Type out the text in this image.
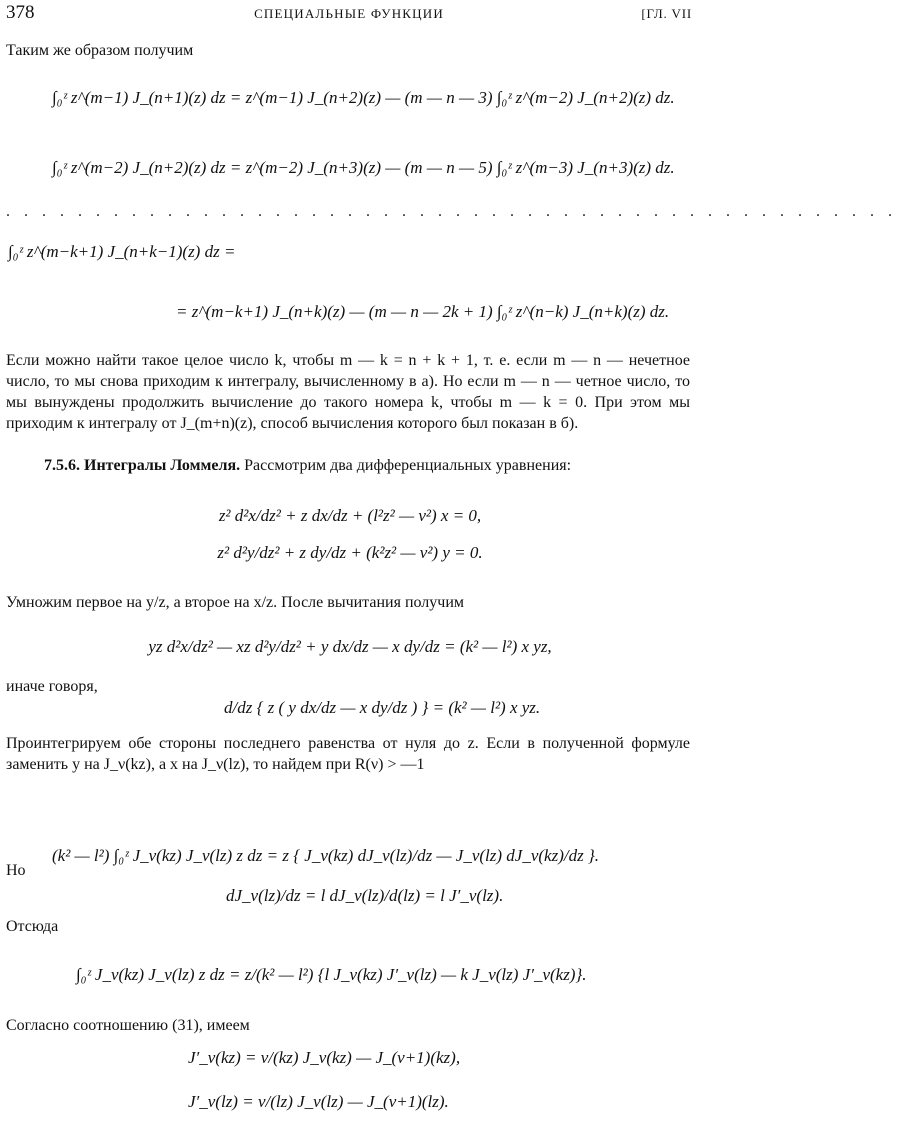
378	СПЕЦИАЛЬНЫЕ ФУНКЦИИ	[ГЛ. VII
Таким же образом получим
∫₀ᶻ z^(m−1) J_(n+1)(z) dz = z^(m−1) J_(n+2)(z) — (m — n — 3) ∫₀ᶻ z^(m−2) J_(n+2)(z) dz.
∫₀ᶻ z^(m−2) J_(n+2)(z) dz = z^(m−2) J_(n+3)(z) — (m — n — 5) ∫₀ᶻ z^(m−3) J_(n+3)(z) dz.
. . . . . . . . . . . . . . . . . . . . . . . . . . . . . . . . . . . . . . . . . . . . . . . . . .
∫₀ᶻ z^(m−k+1) J_(n+k−1)(z) dz =
= z^(m−k+1) J_(n+k)(z) — (m — n — 2k + 1) ∫₀ᶻ z^(n−k) J_(n+k)(z) dz.
Если можно найти такое целое число k, чтобы m — k = n + k + 1, т. е. если m — n — нечетное число, то мы снова приходим к интегралу, вычисленному в а). Но если m — n — четное число, то мы вынуждены продолжить вычисление до такого номера k, чтобы m — k = 0. При этом мы приходим к интегралу от J_(m+n)(z), способ вычисления которого был показан в б).
7.5.6. Интегралы Ломмеля. Рассмотрим два дифференциальных уравнения:
z² d²x/dz² + z dx/dz + (l²z² — ν²) x = 0,
z² d²y/dz² + z dy/dz + (k²z² — ν²) y = 0.
Умножим первое на y/z, а второе на x/z. После вычитания получим
yz d²x/dz² — xz d²y/dz² + y dx/dz — x dy/dz = (k² — l²) x yz,
иначе говоря,
d/dz { z ( y dx/dz — x dy/dz ) } = (k² — l²) x yz.
Проинтегрируем обе стороны последнего равенства от нуля до z. Если в полученной формуле заменить y на J_ν(kz), а x на J_ν(lz), то найдем при R(ν) > —1
(k² — l²) ∫₀ᶻ J_ν(kz) J_ν(lz) z dz = z { J_ν(kz) dJ_ν(lz)/dz — J_ν(lz) dJ_ν(kz)/dz }.
Но
dJ_ν(lz)/dz = l dJ_ν(lz)/d(lz) = l J′_ν(lz).
Отсюда
∫₀ᶻ J_ν(kz) J_ν(lz) z dz = z/(k² — l²) {l J_ν(kz) J′_ν(lz) — k J_ν(lz) J′_ν(kz)}.
Согласно соотношению (31), имеем
J′_ν(kz) = ν/(kz) J_ν(kz) — J_(ν+1)(kz),
J′_ν(lz) = ν/(lz) J_ν(lz) — J_(ν+1)(lz).
